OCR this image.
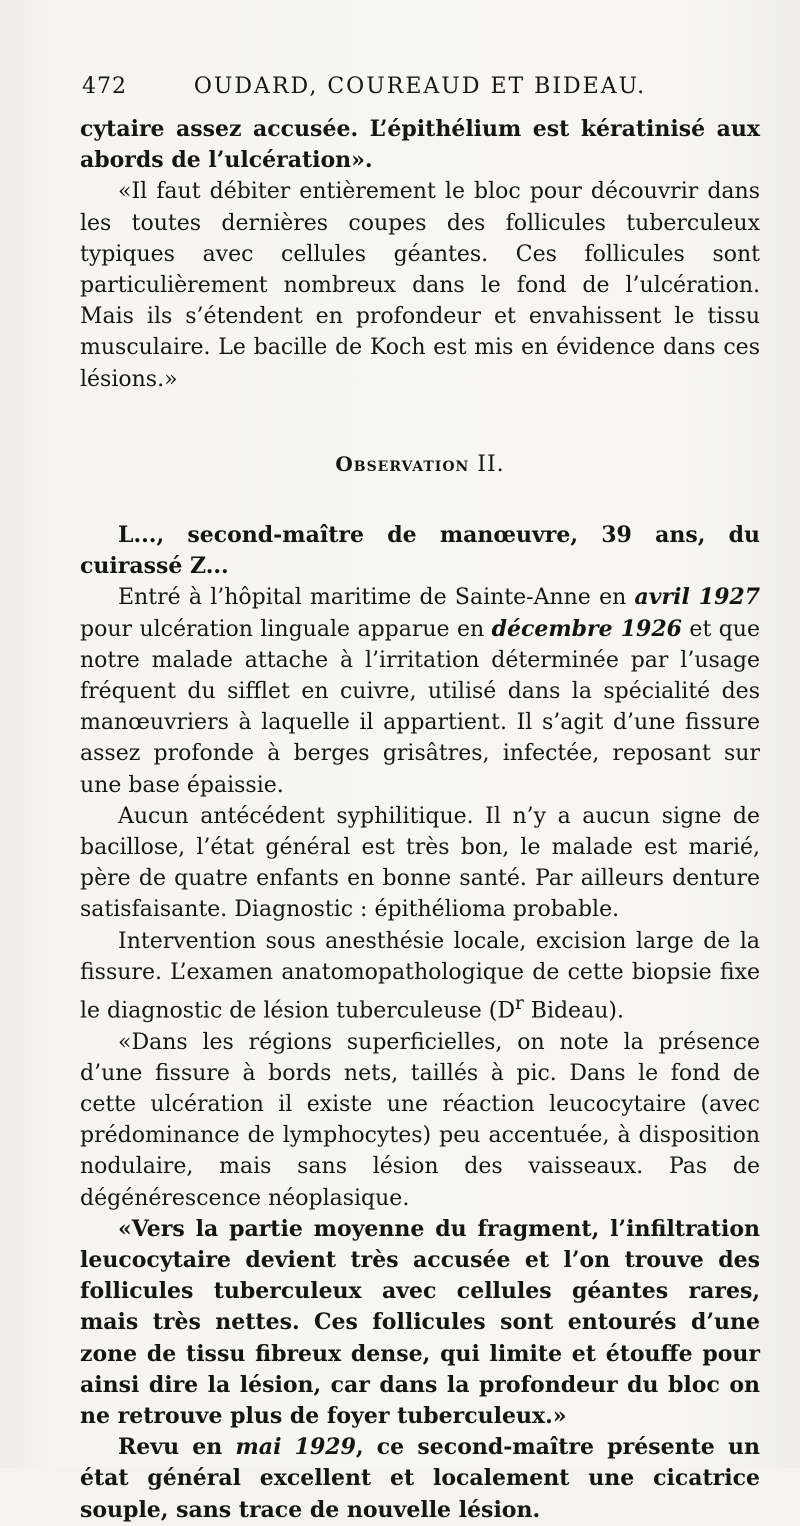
472	OUDARD, COUREAUD ET BIDEAU.

cytaire assez accusée. L’épithélium est kératinisé aux abords de l’ulcération».

«Il faut débiter entièrement le bloc pour découvrir dans les toutes dernières coupes des follicules tuberculeux typiques avec cellules géantes. Ces follicules sont particulièrement nombreux dans le fond de l’ulcération. Mais ils s’étendent en profondeur et envahissent le tissu musculaire. Le bacille de Koch est mis en évidence dans ces lésions.»

Observation II.

L..., second-maître de manœuvre, 39 ans, du cuirassé Z...

Entré à l’hôpital maritime de Sainte-Anne en avril 1927 pour ulcération linguale apparue en décembre 1926 et que notre malade attache à l’irritation déterminée par l’usage fréquent du sifflet en cuivre, utilisé dans la spécialité des manœuvriers à laquelle il appartient. Il s’agit d’une fissure assez profonde à berges grisâtres, infectée, reposant sur une base épaissie.

Aucun antécédent syphilitique. Il n’y a aucun signe de bacillose, l’état général est très bon, le malade est marié, père de quatre enfants en bonne santé. Par ailleurs denture satisfaisante. Diagnostic : épithélioma probable.

Intervention sous anesthésie locale, excision large de la fissure. L’examen anatomopathologique de cette biopsie fixe le diagnostic de lésion tuberculeuse ($D^r$ Bideau).

«Dans les régions superficielles, on note la présence d’une fissure à bords nets, taillés à pic. Dans le fond de cette ulcération il existe une réaction leucocytaire (avec prédominance de lymphocytes) peu accentuée, à disposition nodulaire, mais sans lésion des vaisseaux. Pas de dégénérescence néoplasique.

«Vers la partie moyenne du fragment, l’infiltration leucocytaire devient très accusée et l’on trouve des follicules tuberculeux avec cellules géantes rares, mais très nettes. Ces follicules sont entourés d’une zone de tissu fibreux dense, qui limite et étouffe pour ainsi dire la lésion, car dans la profondeur du bloc on ne retrouve plus de foyer tuberculeux.»

Revu en mai 1929, ce second-maître présente un état général excellent et localement une cicatrice souple, sans trace de nouvelle lésion.
